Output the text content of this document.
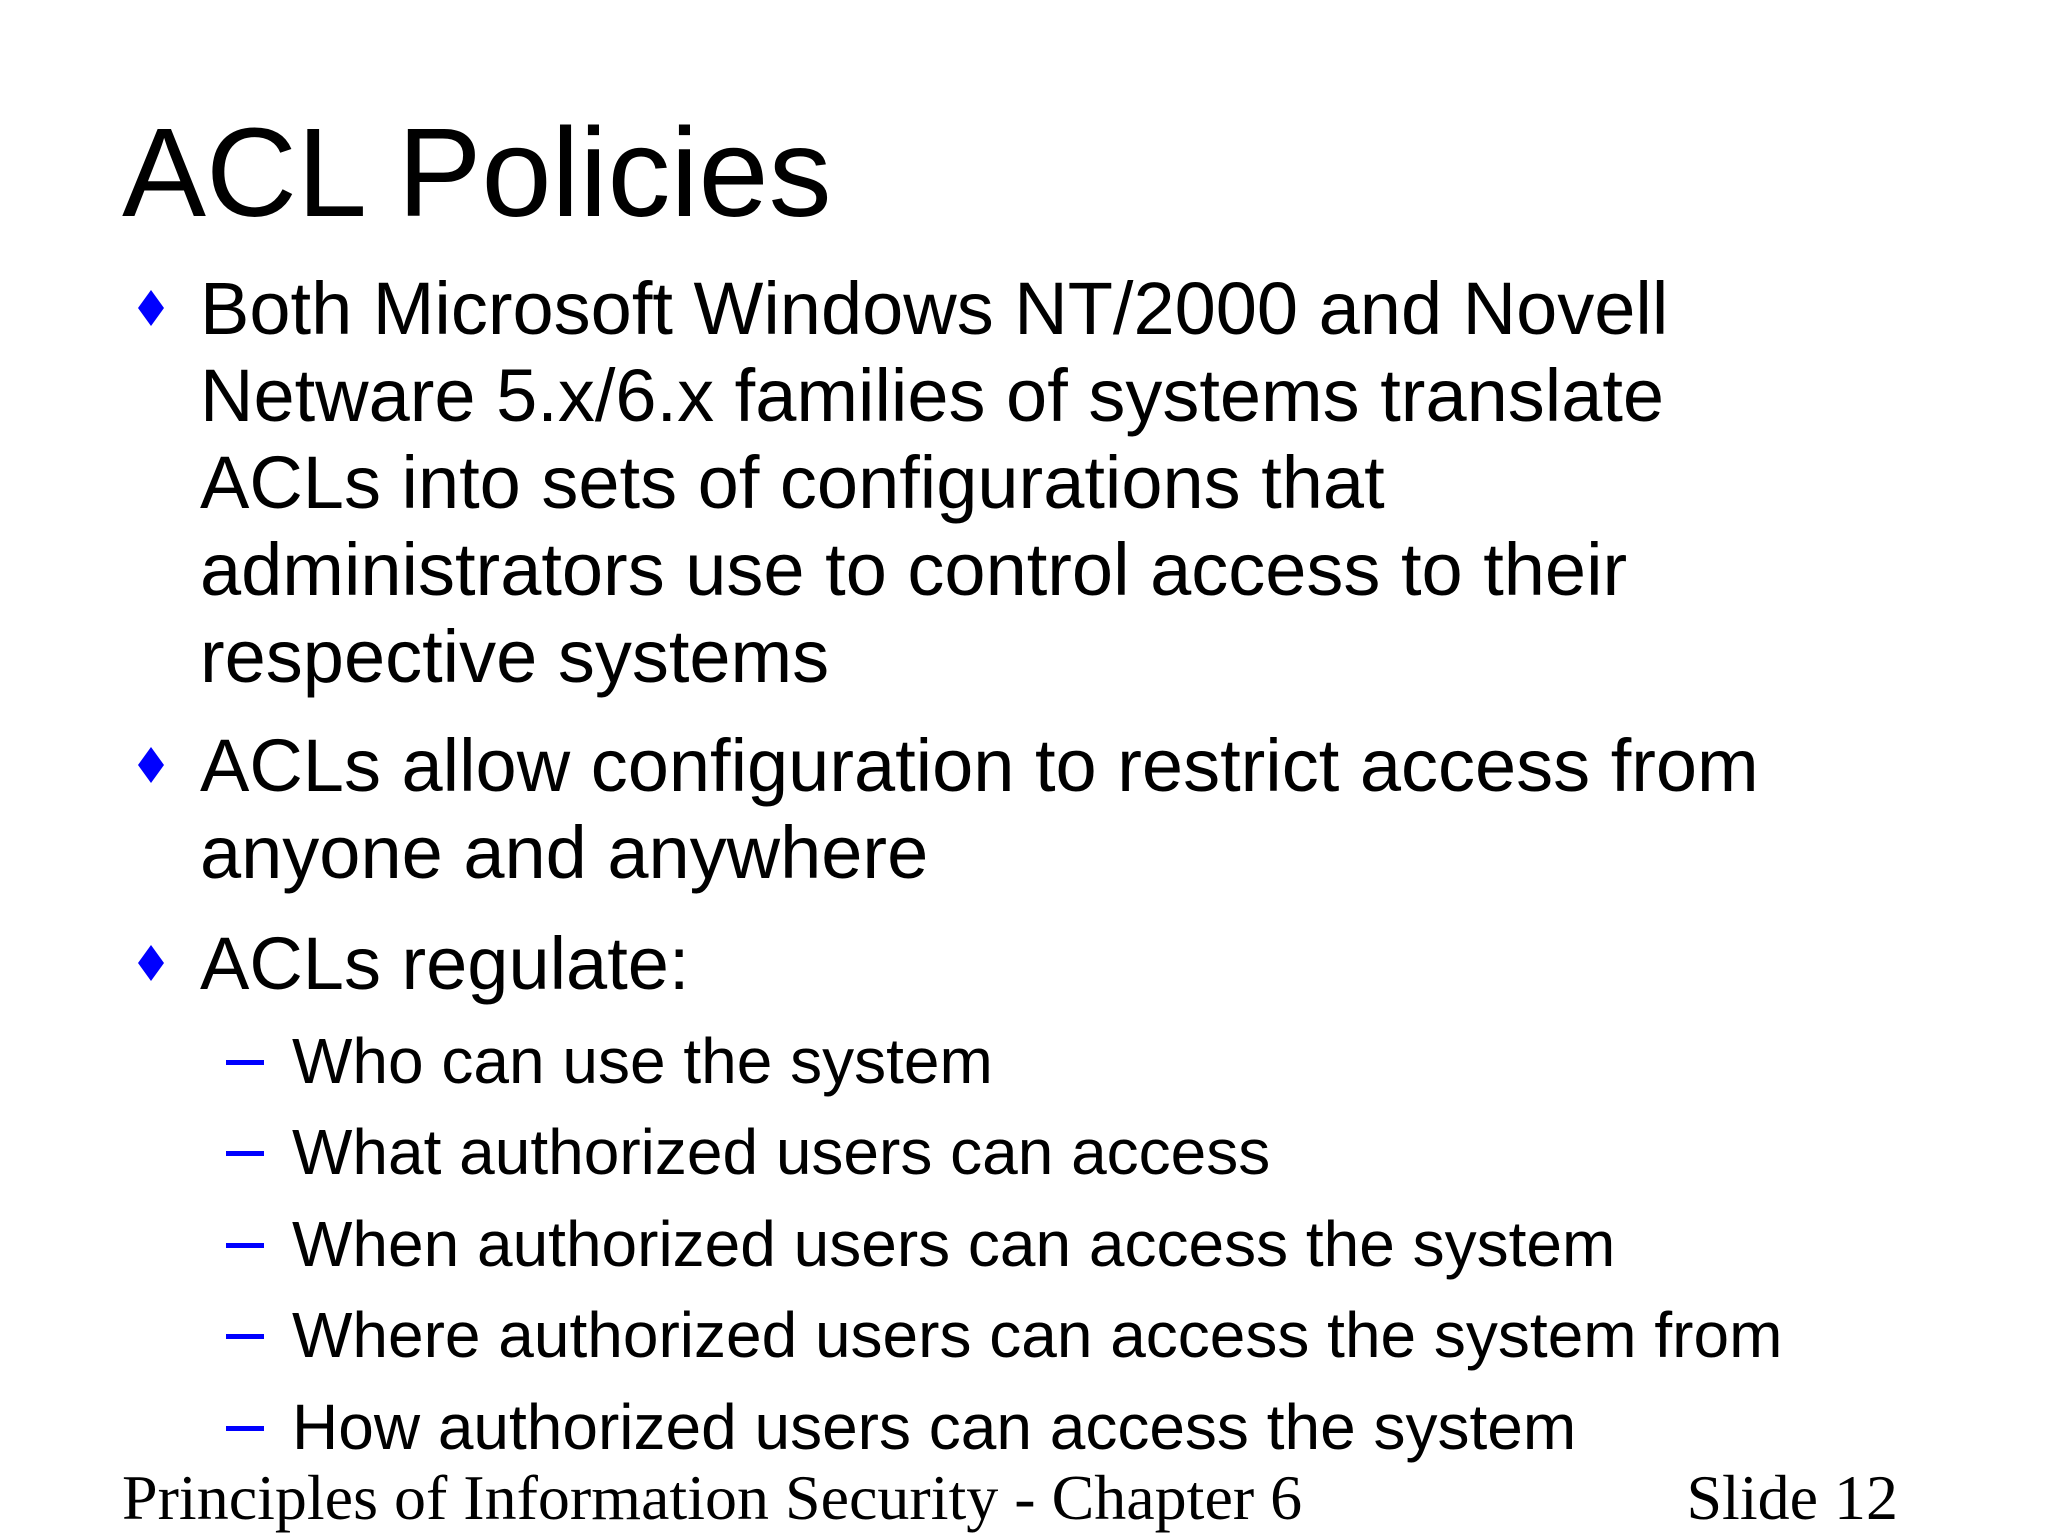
ACL Policies
Both Microsoft Windows NT/2000 and Novell
Netware 5.x/6.x families of systems translate
ACLs into sets of configurations that
administrators use to control access to their
respective systems
ACLs allow configuration to restrict access from
anyone and anywhere
ACLs regulate:
Who can use the system
What authorized users can access
When authorized users can access the system
Where authorized users can access the system from
How authorized users can access the system
Principles of Information Security - Chapter 6	Slide 12
